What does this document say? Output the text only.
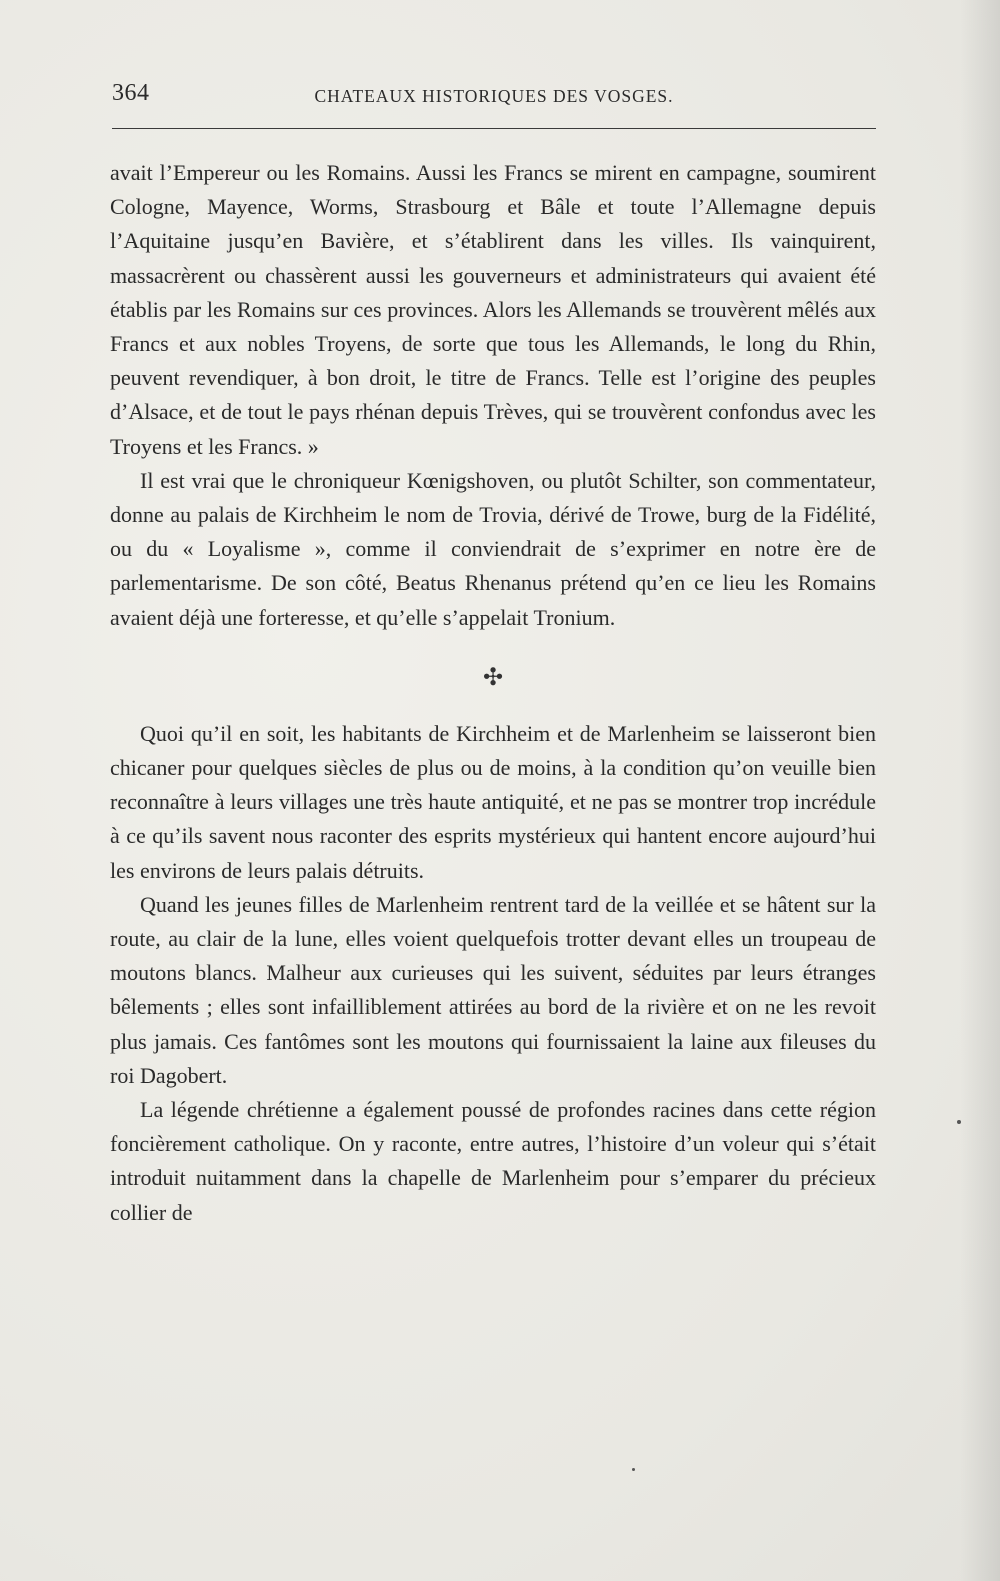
364	CHATEAUX HISTORIQUES DES VOSGES.

avait l’Empereur ou les Romains. Aussi les Francs se mirent en campagne, soumirent Cologne, Mayence, Worms, Strasbourg et Bâle et toute l’Allemagne depuis l’Aquitaine jusqu’en Bavière, et s’établirent dans les villes. Ils vainquirent, massacrèrent ou chassèrent aussi les gouverneurs et administrateurs qui avaient été établis par les Romains sur ces provinces. Alors les Allemands se trouvèrent mêlés aux Francs et aux nobles Troyens, de sorte que tous les Allemands, le long du Rhin, peuvent revendiquer, à bon droit, le titre de Francs. Telle est l’origine des peuples d’Alsace, et de tout le pays rhénan depuis Trèves, qui se trouvèrent confondus avec les Troyens et les Francs. »

Il est vrai que le chroniqueur Kœnigshoven, ou plutôt Schilter, son commentateur, donne au palais de Kirchheim le nom de Trovia, dérivé de Trowe, burg de la Fidélité, ou du « Loyalisme », comme il conviendrait de s’exprimer en notre ère de parlementarisme. De son côté, Beatus Rhenanus prétend qu’en ce lieu les Romains avaient déjà une forteresse, et qu’elle s’appelait Tronium.

✣

Quoi qu’il en soit, les habitants de Kirchheim et de Marlenheim se laisseront bien chicaner pour quelques siècles de plus ou de moins, à la condition qu’on veuille bien reconnaître à leurs villages une très haute antiquité, et ne pas se montrer trop incrédule à ce qu’ils savent nous raconter des esprits mystérieux qui hantent encore aujourd’hui les environs de leurs palais détruits.

Quand les jeunes filles de Marlenheim rentrent tard de la veillée et se hâtent sur la route, au clair de la lune, elles voient quelquefois trotter devant elles un troupeau de moutons blancs. Malheur aux curieuses qui les suivent, séduites par leurs étranges bêlements ; elles sont infailliblement attirées au bord de la rivière et on ne les revoit plus jamais. Ces fantômes sont les moutons qui fournissaient la laine aux fileuses du roi Dagobert.

La légende chrétienne a également poussé de profondes racines dans cette région foncièrement catholique. On y raconte, entre autres, l’histoire d’un voleur qui s’était introduit nuitamment dans la chapelle de Marlenheim pour s’emparer du précieux collier de
